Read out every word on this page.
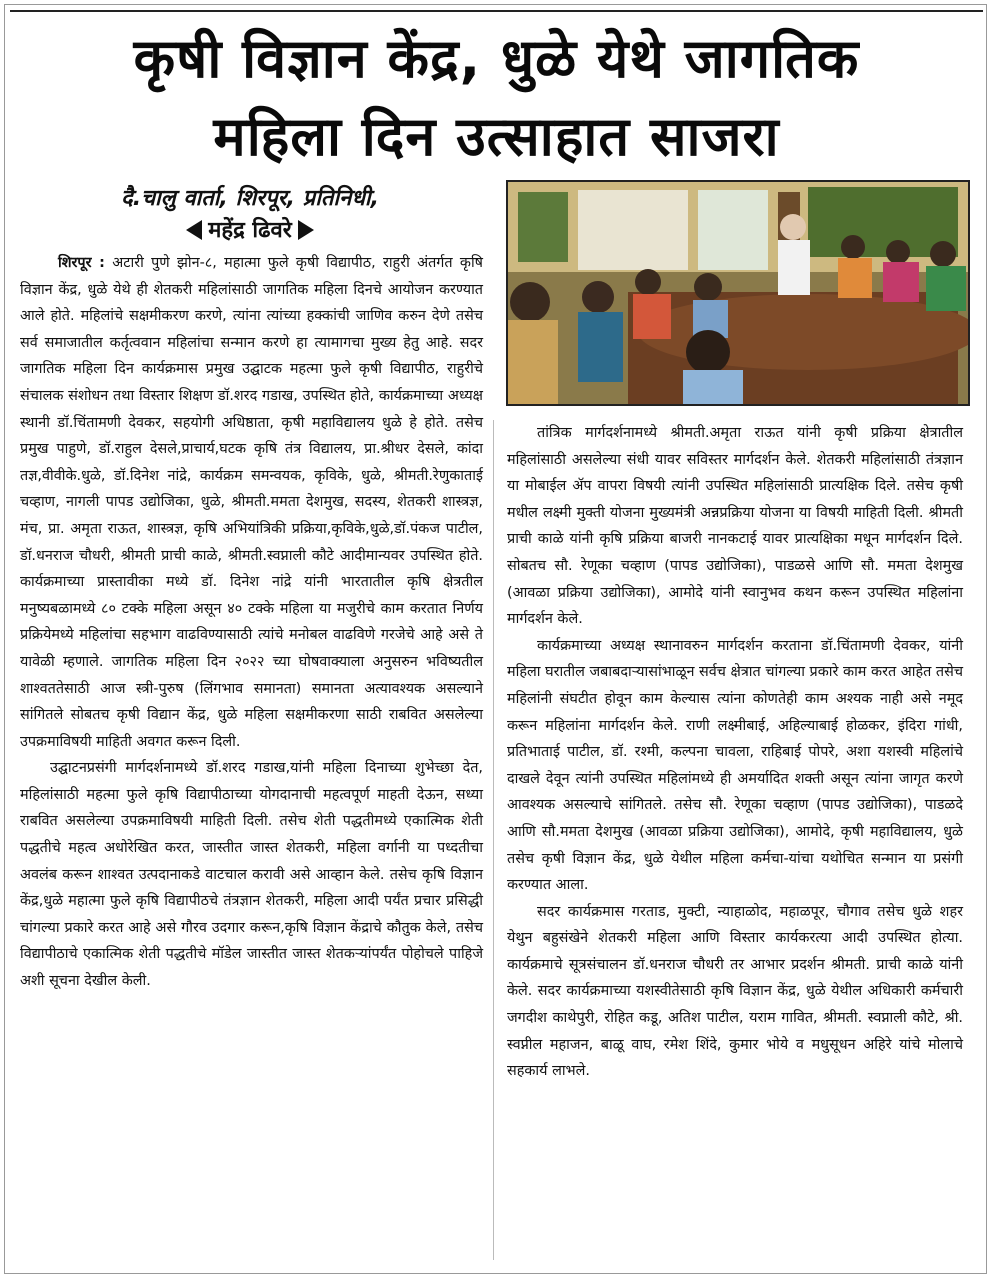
कृषी विज्ञान केंद्र, धुळे येथे जागतिक
महिला दिन उत्साहात साजरा
दै.चालु वार्ता, शिरपूर, प्रतिनिधी,
महेंद्र ढिवरे

शिरपूर : अटारी पुणे झोन-८, महात्मा फुले कृषी विद्यापीठ, राहुरी अंतर्गत कृषि विज्ञान केंद्र, धुळे येथे ही शेतकरी महिलांसाठी जागतिक महिला दिनचे आयोजन करण्यात आले होते. महिलांचे सक्षमीकरण करणे, त्यांना त्यांच्या हक्कांची जाणिव करुन देणे तसेच सर्व समाजातील कर्तृत्ववान महिलांचा सन्मान करणे हा त्यामागचा मुख्य हेतु आहे. सदर जागतिक महिला दिन कार्यक्रमास प्रमुख उद्घाटक महत्मा फुले कृषी विद्यापीठ, राहुरीचे संचालक संशोधन तथा विस्तार शिक्षण डॉ.शरद गडाख, उपस्थित होते, कार्यक्रमाच्या अध्यक्ष स्थानी डॉ.चिंतामणी देवकर, सहयोगी अधिष्ठाता, कृषी महाविद्यालय धुळे हे होते. तसेच प्रमुख पाहुणे, डॉ.राहुल देसले,प्राचार्य,घटक कृषि तंत्र विद्यालय, प्रा.श्रीधर देसले, कांदा तज्ञ,वीवीके.धुळे, डॉ.दिनेश नांद्रे, कार्यक्रम समन्वयक, कृविके, धुळे, श्रीमती.रेणुकाताई चव्हाण, नागली पापड उद्योजिका, धुळे, श्रीमती.ममता देशमुख, सदस्य, शेतकरी शास्त्रज्ञ, मंच, प्रा. अमृता राऊत, शास्त्रज्ञ, कृषि अभियांत्रिकी प्रक्रिया,कृविके,धुळे,डॉ.पंकज पाटील, डॉ.धनराज चौधरी, श्रीमती प्राची काळे, श्रीमती.स्वप्नाली कौटे आदीमान्यवर उपस्थित होते. कार्यक्रमाच्या प्रास्तावीका मध्ये डॉ. दिनेश नांद्रे यांनी भारतातील कृषि क्षेत्रतील मनुष्यबळामध्ये ८० टक्के महिला असून ४० टक्के महिला या मजुरीचे काम करतात निर्णय प्रक्रियेमध्ये महिलांचा सहभाग वाढविण्यासाठी त्यांचे मनोबल वाढविणे गरजेचे आहे असे ते यावेळी म्हणाले. जागतिक महिला दिन २०२२ च्या घोषवाक्याला अनुसरुन भविष्यतील शाश्वततेसाठी आज स्त्री-पुरुष (लिंगभाव समानता) समानता अत्यावश्यक असल्याने सांगितले सोबतच कृषी विद्यान केंद्र, धुळे महिला सक्षमीकरणा साठी राबवित असलेल्या उपक्रमाविषयी माहिती अवगत करून दिली.

उद्घाटनप्रसंगी मार्गदर्शनामध्ये डॉ.शरद गडाख,यांनी महिला दिनाच्या शुभेच्छा देत, महिलांसाठी महत्मा फुले कृषि विद्यापीठाच्या योगदानाची महत्वपूर्ण माहती देऊन, सध्या राबवित असलेल्या उपक्रमाविषयी माहिती दिली. तसेच शेती पद्धतीमध्ये एकात्मिक शेती पद्धतीचे महत्व अधोरेखित करत, जास्तीत जास्त शेतकरी, महिला वर्गानी या पध्दतीचा अवलंब करून शाश्वत उत्पदानाकडे वाटचाल करावी असे आव्हान केले. तसेच कृषि विज्ञान केंद्र,धुळे महात्मा फुले कृषि विद्यापीठचे तंत्रज्ञान शेतकरी, महिला आदी पर्यंत प्रचार प्रसिद्धी चांगल्या प्रकारे करत आहे असे गौरव उदगार करून,कृषि विज्ञान केंद्राचे कौतुक केले, तसेच विद्यापीठाचे एकात्मिक शेती पद्धतीचे मॉडेल जास्तीत जास्त शेतकऱ्यांपर्यंत पोहोचले पाहिजे अशी सूचना देखील केली.

तांत्रिक मार्गदर्शनामध्ये श्रीमती.अमृता राऊत यांनी कृषी प्रक्रिया क्षेत्रातील महिलांसाठी असलेल्या संधी यावर सविस्तर मार्गदर्शन केले. शेतकरी महिलांसाठी तंत्रज्ञान या मोबाईल ॲप वापरा विषयी त्यांनी उपस्थित महिलांसाठी प्रात्यक्षिक दिले. तसेच कृषी मधील लक्ष्मी मुक्ती योजना मुख्यमंत्री अन्नप्रक्रिया योजना या विषयी माहिती दिली. श्रीमती प्राची काळे यांनी कृषि प्रक्रिया बाजरी नानकटाई यावर प्रात्यक्षिका मधून मार्गदर्शन दिले. सोबतच सौ. रेणूका चव्हाण (पापड उद्योजिका), पाडळसे आणि सौ. ममता देशमुख (आवळा प्रक्रिया उद्योजिका), आमोदे यांनी स्वानुभव कथन करून उपस्थित महिलांना मार्गदर्शन केले.

कार्यक्रमाच्या अध्यक्ष स्थानावरुन मार्गदर्शन करताना डॉ.चिंतामणी देवकर, यांनी महिला घरातील जबाबदाऱ्यासांभाळून सर्वच क्षेत्रात चांगल्या प्रकारे काम करत आहेत तसेच महिलांनी संघटीत होवून काम केल्यास त्यांना कोणतेही काम अश्यक नाही असे नमूद करून महिलांना मार्गदर्शन केले. राणी लक्ष्मीबाई, अहिल्याबाई होळकर, इंदिरा गांधी, प्रतिभाताई पाटील, डॉ. रश्मी, कल्पना चावला, राहिबाई पोपरे, अशा यशस्वी महिलांचे दाखले देवून त्यांनी उपस्थित महिलांमध्ये ही अमर्यादित शक्ती असून त्यांना जागृत करणे आवश्यक असल्याचे सांगितले. तसेच सौ. रेणूका चव्हाण (पापड उद्योजिका), पाडळदे आणि सौ.ममता देशमुख (आवळा प्रक्रिया उद्योजिका), आमोदे, कृषी महाविद्यालय, धुळे तसेच कृषी विज्ञान केंद्र, धुळे येथील महिला कर्मचा-यांचा यथोचित सन्मान या प्रसंगी करण्यात आला.

सदर कार्यक्रमास गरताड, मुक्टी, न्याहाळोद, महाळपूर, चौगाव तसेच धुळे शहर येथुन बहुसंखेने शेतकरी महिला आणि विस्तार कार्यकरत्या आदी उपस्थित होत्या. कार्यक्रमाचे सूत्रसंचालन डॉ.धनराज चौधरी तर आभार प्रदर्शन श्रीमती. प्राची काळे यांनी केले. सदर कार्यक्रमाच्या यशस्वीतेसाठी कृषि विज्ञान केंद्र, धुळे येथील अधिकारी कर्मचारी जगदीश काथेपुरी, रोहित कडू, अतिश पाटील, यराम गावित, श्रीमती. स्वप्नाली कौटे, श्री. स्वप्नील महाजन, बाळू वाघ, रमेश शिंदे, कुमार भोये व मधुसूधन अहिरे यांचे मोलाचे सहकार्य लाभले.
